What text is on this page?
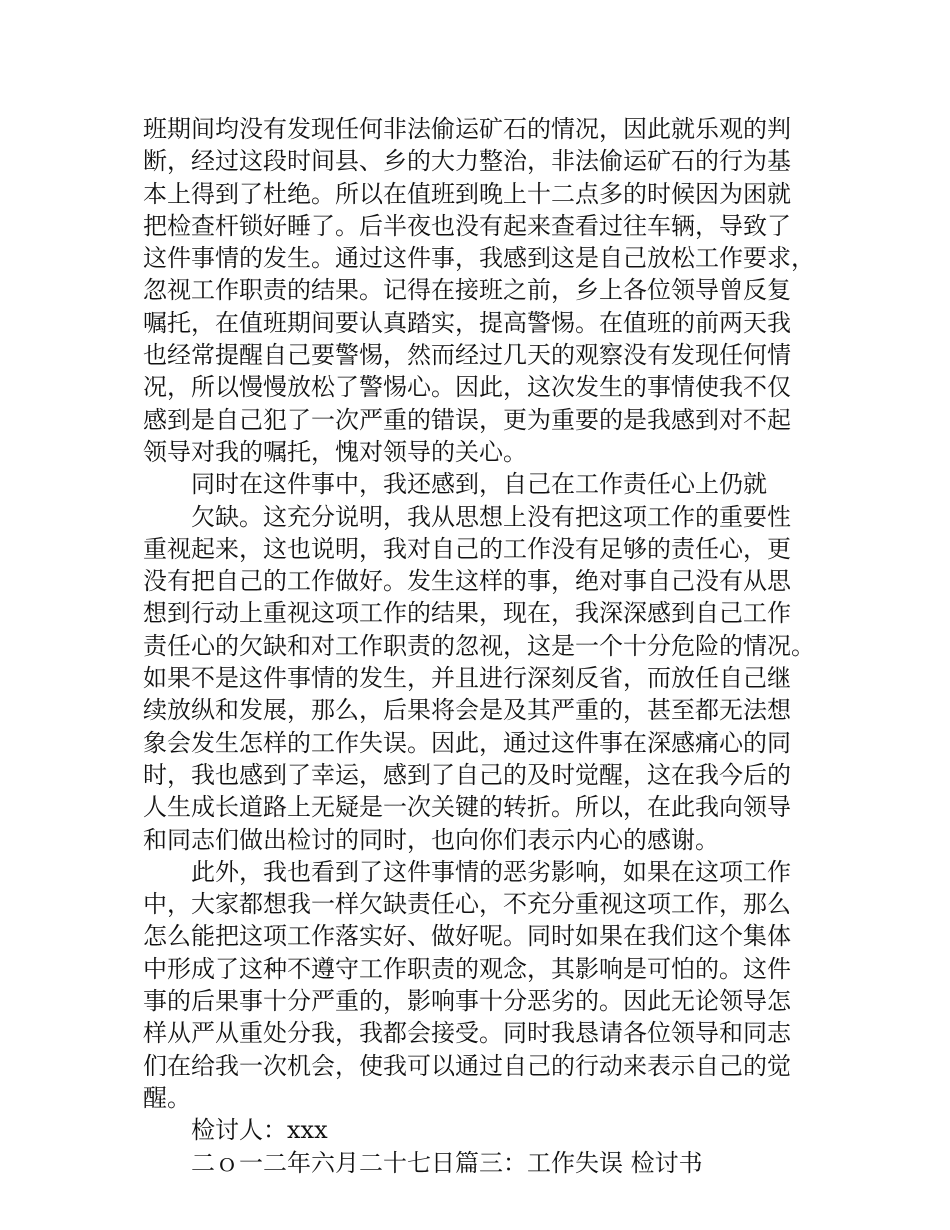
班期间均没有发现任何非法偷运矿石的情况，因此就乐观的判
断，经过这段时间县、乡的大力整治，非法偷运矿石的行为基
本上得到了杜绝。所以在值班到晚上十二点多的时候因为困就
把检查杆锁好睡了。后半夜也没有起来查看过往车辆，导致了
这件事情的发生。通过这件事，我感到这是自己放松工作要求，
忽视工作职责的结果。记得在接班之前，乡上各位领导曾反复
嘱托，在值班期间要认真踏实，提高警惕。在值班的前两天我
也经常提醒自己要警惕，然而经过几天的观察没有发现任何情
况，所以慢慢放松了警惕心。因此，这次发生的事情使我不仅
感到是自己犯了一次严重的错误，更为重要的是我感到对不起
领导对我的嘱托，愧对领导的关心。
同时在这件事中，我还感到，自己在工作责任心上仍就
欠缺。这充分说明，我从思想上没有把这项工作的重要性
重视起来，这也说明，我对自己的工作没有足够的责任心，更
没有把自己的工作做好。发生这样的事，绝对事自己没有从思
想到行动上重视这项工作的结果，现在，我深深感到自己工作
责任心的欠缺和对工作职责的忽视，这是一个十分危险的情况。
如果不是这件事情的发生，并且进行深刻反省，而放任自己继
续放纵和发展，那么，后果将会是及其严重的，甚至都无法想
象会发生怎样的工作失误。因此，通过这件事在深感痛心的同
时，我也感到了幸运，感到了自己的及时觉醒，这在我今后的
人生成长道路上无疑是一次关键的转折。所以，在此我向领导
和同志们做出检讨的同时，也向你们表示内心的感谢。
此外，我也看到了这件事情的恶劣影响，如果在这项工作
中，大家都想我一样欠缺责任心，不充分重视这项工作，那么
怎么能把这项工作落实好、做好呢。同时如果在我们这个集体
中形成了这种不遵守工作职责的观念，其影响是可怕的。这件
事的后果事十分严重的，影响事十分恶劣的。因此无论领导怎
样从严从重处分我，我都会接受。同时我恳请各位领导和同志
们在给我一次机会，使我可以通过自己的行动来表示自己的觉
醒。
检讨人：xxx
二ｏ一二年六月二十七日篇三：工作失误 检讨书
